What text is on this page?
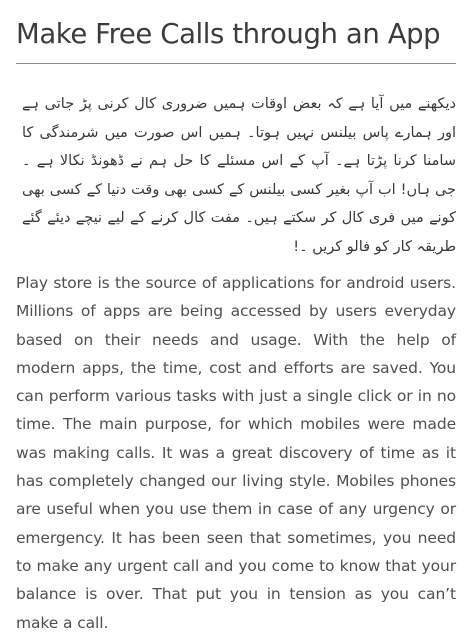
Make Free Calls through an App

دیکھنے میں آیا ہے کہ بعض اوقات ہمیں ضروری کال کرنی پڑ جاتی ہے اور ہمارے پاس بیلنس نہیں ہوتا۔ ہمیں اس صورت میں شرمندگی کا سامنا کرنا پڑتا ہے۔ آپ کے اس مسئلے کا حل ہم نے ڈھونڈ نکالا ہے ۔ جی ہاں! اب آپ بغیر کسی بیلنس کے کسی بھی وقت دنیا کے کسی بھی کونے میں فری کال کر سکتے ہیں۔ مفت کال کرنے کے لیے نیچے دیئے گئے طریقہ کار کو فالو کریں ۔!

Play store is the source of applications for android users. Millions of apps are being accessed by users everyday based on their needs and usage. With the help of modern apps, the time, cost and efforts are saved. You can perform various tasks with just a single click or in no time. The main purpose, for which mobiles were made was making calls. It was a great discovery of time as it has completely changed our living style. Mobiles phones are useful when you use them in case of any urgency or emergency. It has been seen that sometimes, you need to make any urgent call and you come to know that your balance is over. That put you in tension as you can’t make a call.
